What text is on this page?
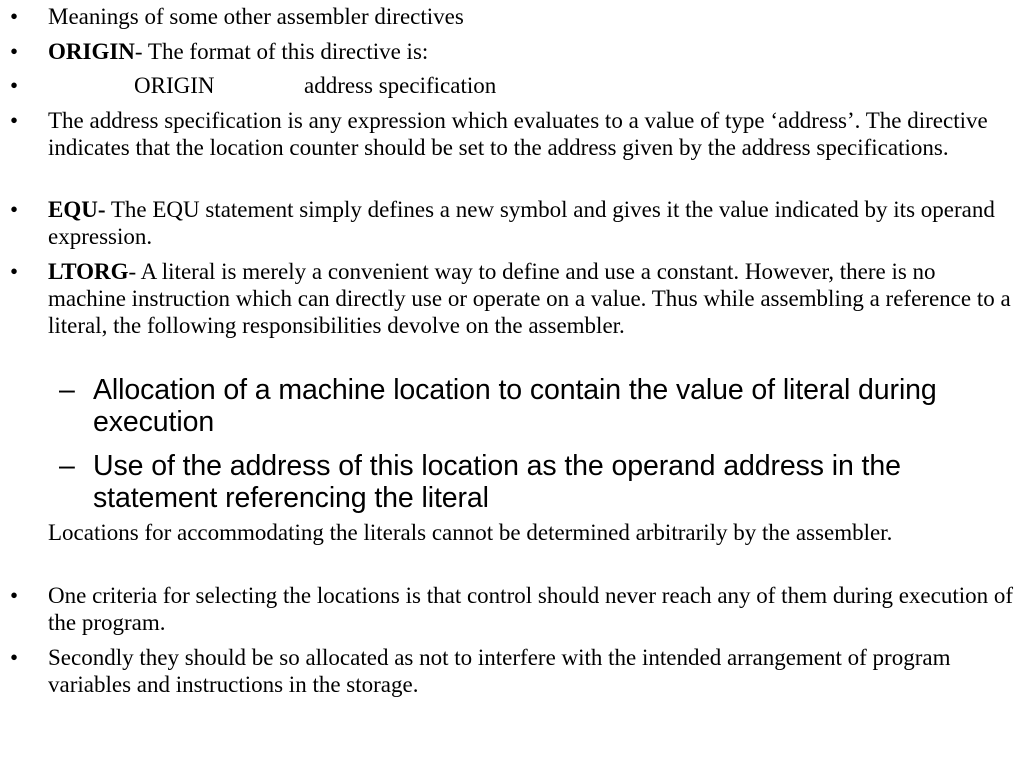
• Meanings of some other assembler directives
• ORIGIN- The format of this directive is:
• ORIGIN	address specification
• The address specification is any expression which evaluates to a value of type ‘address’. The directive indicates that the location counter should be set to the address given by the address specifications.
• EQU- The EQU statement simply defines a new symbol and gives it the value indicated by its operand expression.
• LTORG- A literal is merely a convenient way to define and use a constant. However, there is no machine instruction which can directly use or operate on a value. Thus while assembling a reference to a literal, the following responsibilities devolve on the assembler.
– Allocation of a machine location to contain the value of literal during execution
– Use of the address of this location as the operand address in the statement referencing the literal
Locations for accommodating the literals cannot be determined arbitrarily by the assembler.
• One criteria for selecting the locations is that control should never reach any of them during execution of the program.
• Secondly they should be so allocated as not to interfere with the intended arrangement of program variables and instructions in the storage.
